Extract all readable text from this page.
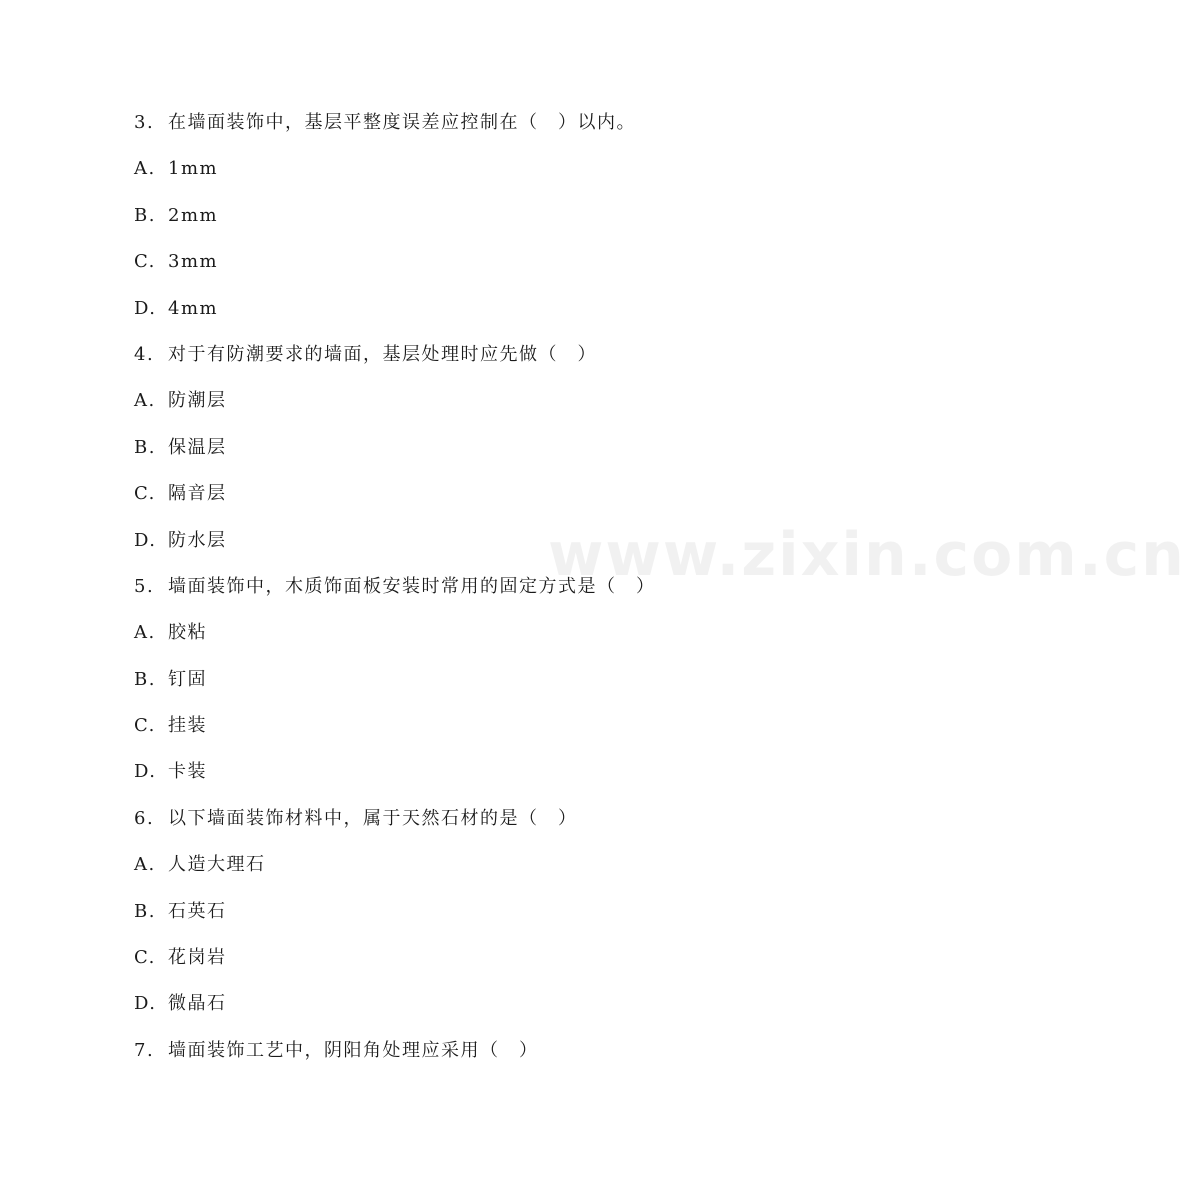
www.zixin.com.cn
3. 在墙面装饰中，基层平整度误差应控制在（　）以内。
A. 1mm
B. 2mm
C. 3mm
D. 4mm
4. 对于有防潮要求的墙面，基层处理时应先做（　）
A. 防潮层
B. 保温层
C. 隔音层
D. 防水层
5. 墙面装饰中，木质饰面板安装时常用的固定方式是（　）
A. 胶粘
B. 钉固
C. 挂装
D. 卡装
6. 以下墙面装饰材料中，属于天然石材的是（　）
A. 人造大理石
B. 石英石
C. 花岗岩
D. 微晶石
7. 墙面装饰工艺中，阴阳角处理应采用（　）
